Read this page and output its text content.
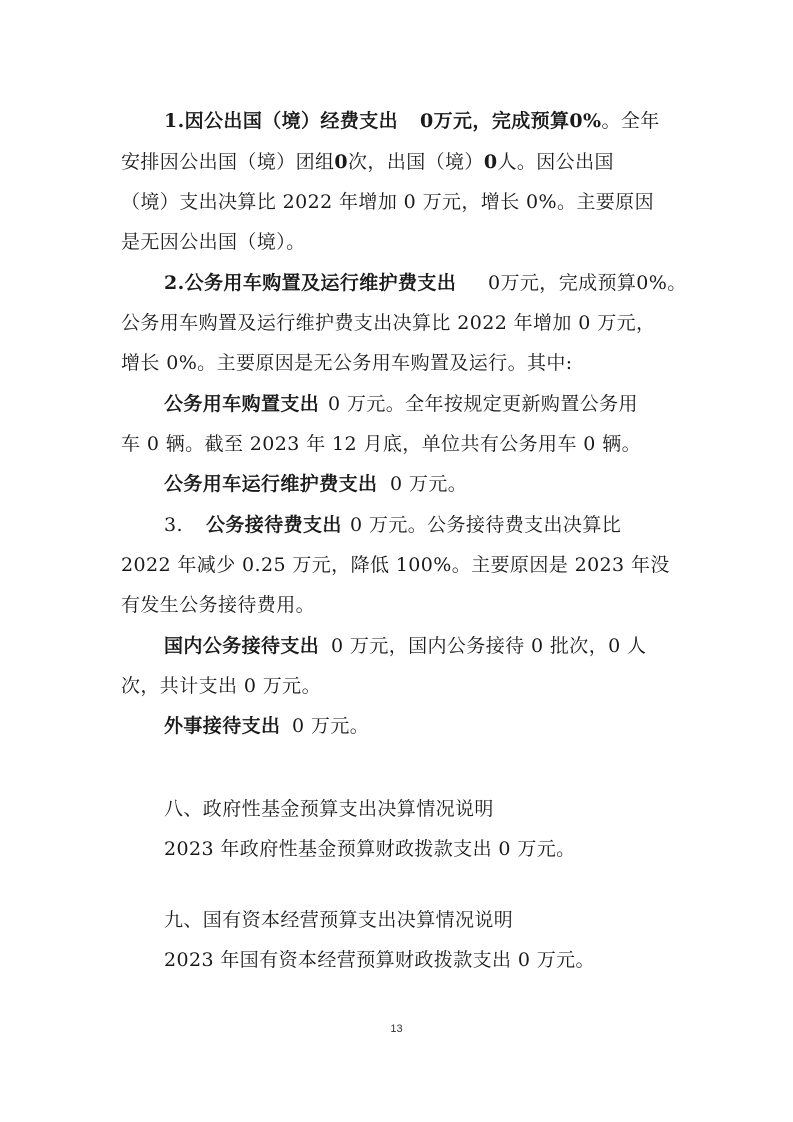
1.因公出国（境）经费支出 0万元，完成预算0%。全年
安排因公出国（境）团组0次，出国（境）0人。因公出国
（境）支出决算比 2022 年增加 0 万元，增长 0%。主要原因
是无因公出国（境）。
2.公务用车购置及运行维护费支出 0万元，完成预算0%。
公务用车购置及运行维护费支出决算比 2022 年增加 0 万元，
增长 0%。主要原因是无公务用车购置及运行。其中:
公务用车购置支出 0 万元。全年按规定更新购置公务用
车 0 辆。截至 2023 年 12 月底，单位共有公务用车 0 辆。
公务用车运行维护费支出 0 万元。
3. 公务接待费支出 0 万元。公务接待费支出决算比
2022 年减少 0.25 万元，降低 100%。主要原因是 2023 年没
有发生公务接待费用。
国内公务接待支出 0 万元，国内公务接待 0 批次，0 人
次，共计支出 0 万元。
外事接待支出 0 万元。
八、政府性基金预算支出决算情况说明
2023 年政府性基金预算财政拨款支出 0 万元。
九、国有资本经营预算支出决算情况说明
2023 年国有资本经营预算财政拨款支出 0 万元。
13
